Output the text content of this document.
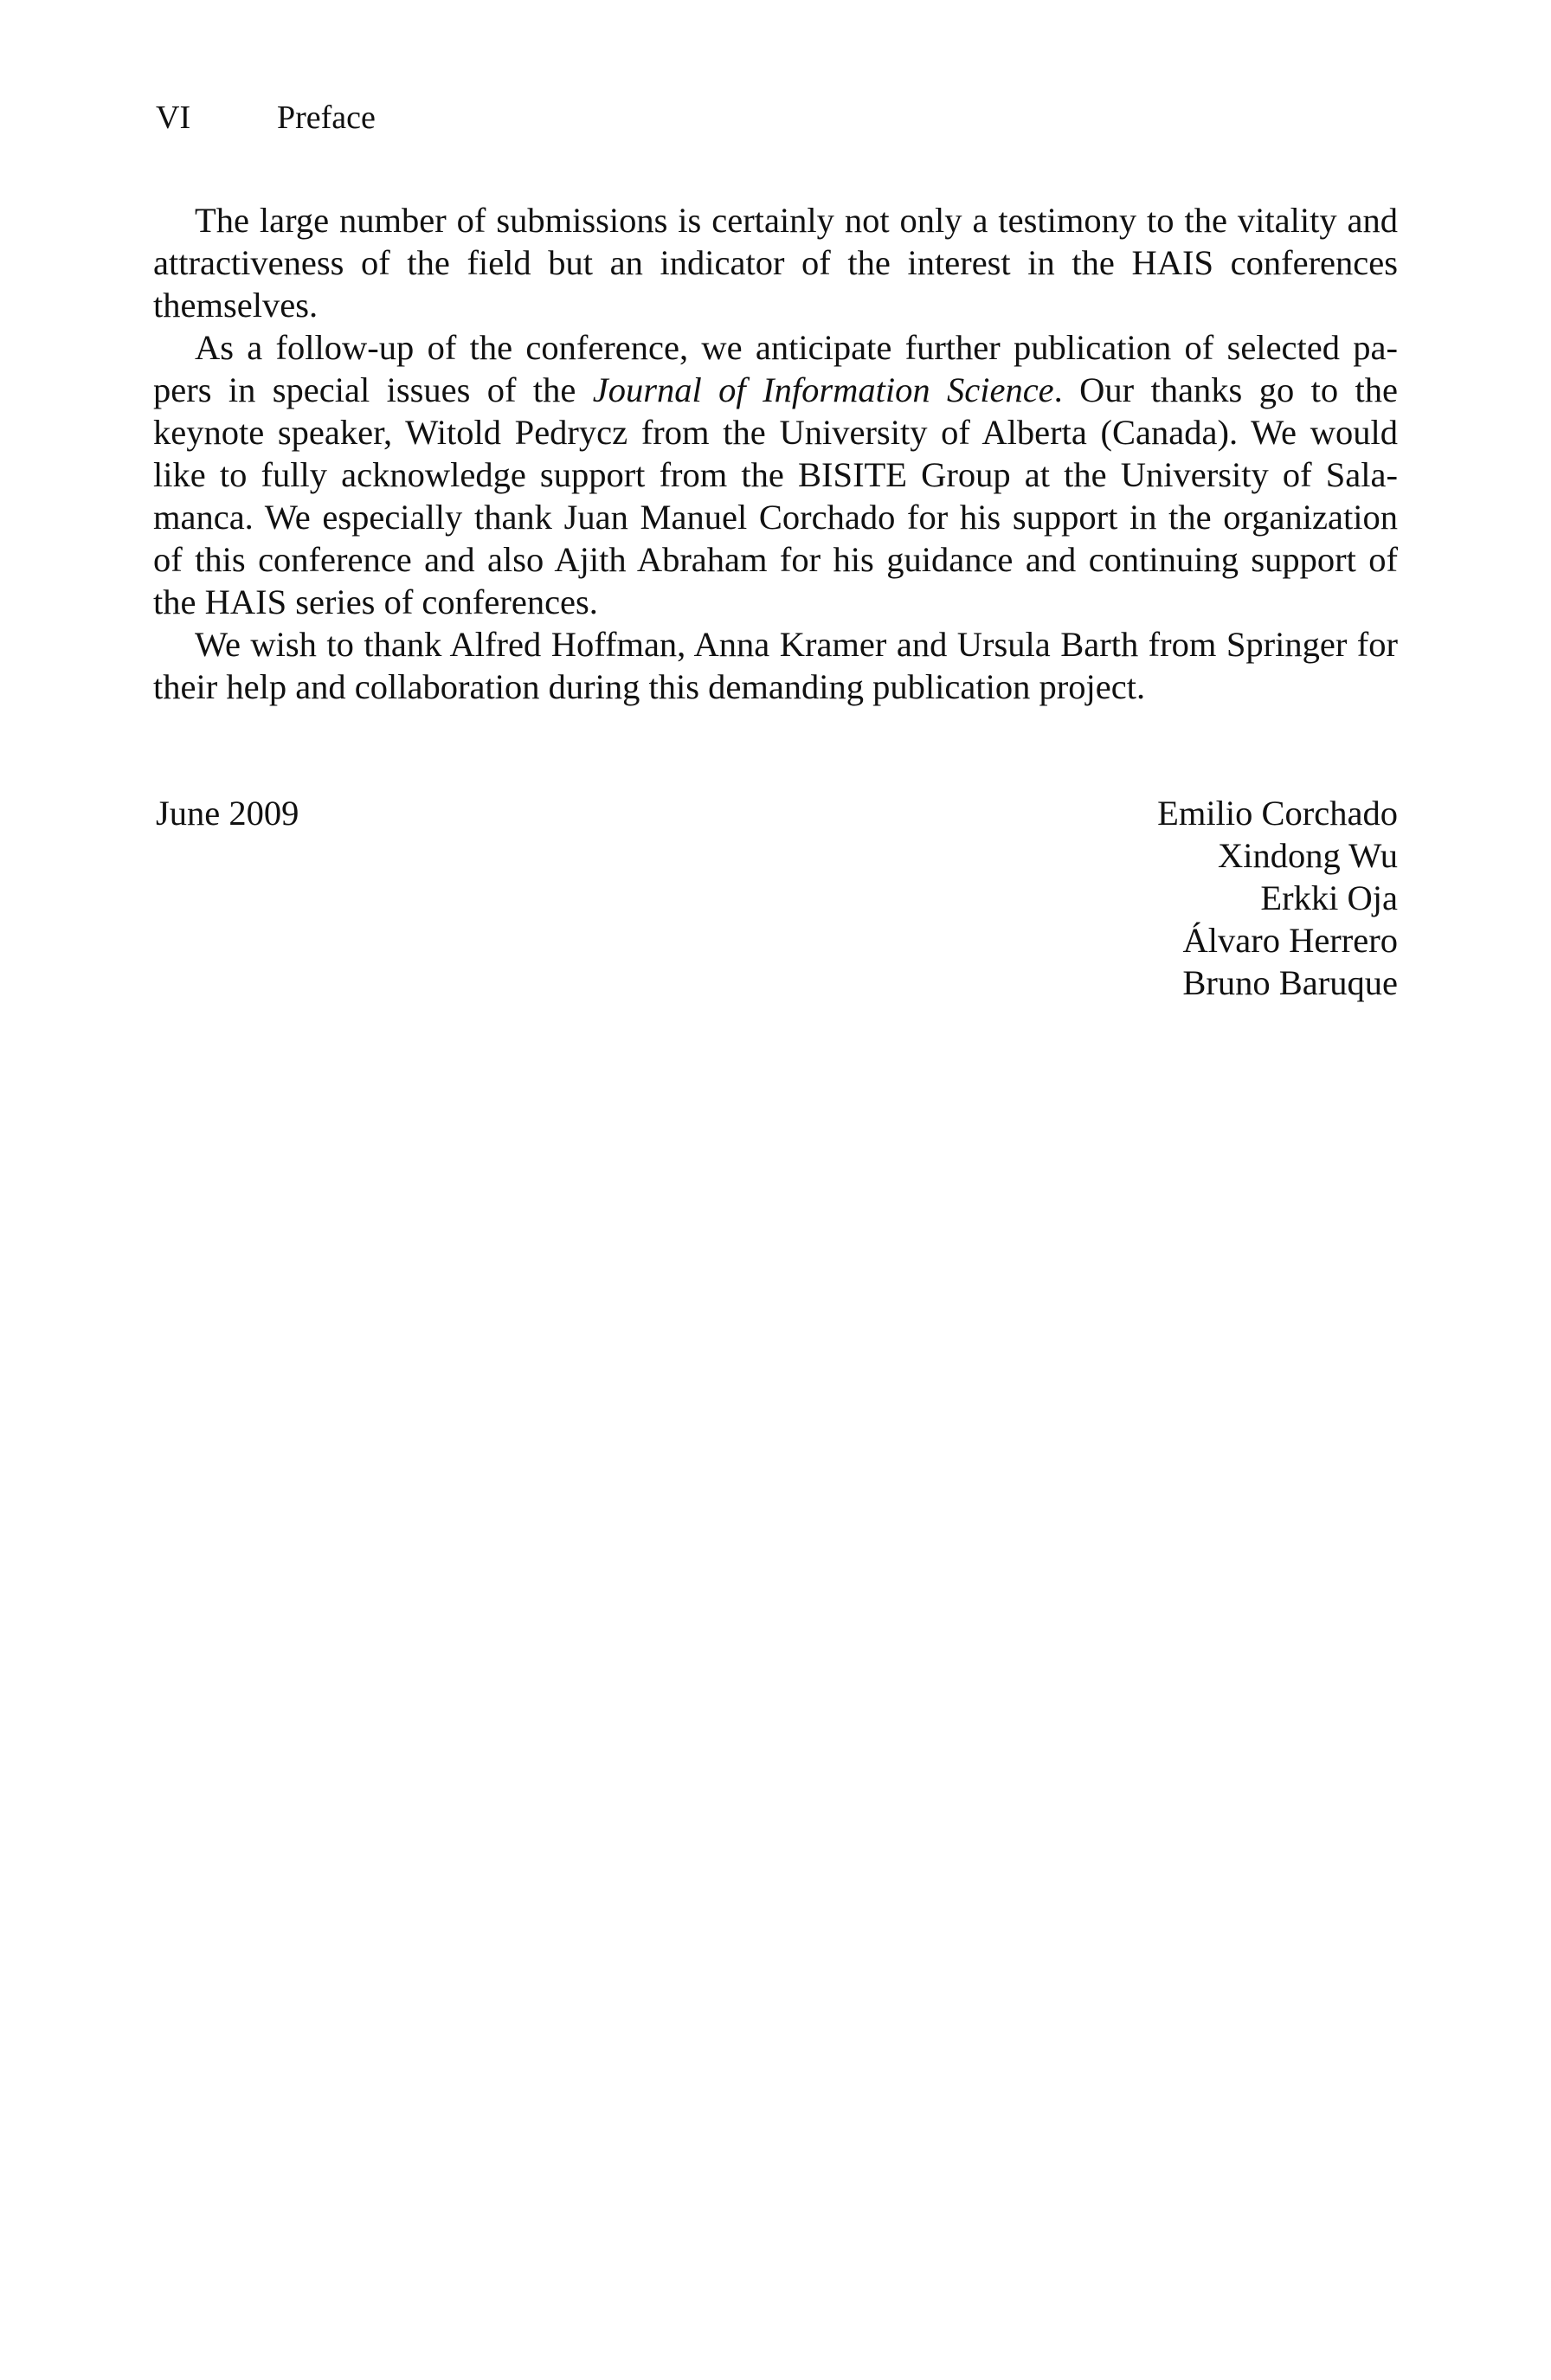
VI	Preface

The large number of submissions is certainly not only a testimony to the vitality and attractiveness of the field but an indicator of the interest in the HAIS conferences themselves.

As a follow-up of the conference, we anticipate further publication of selected pa-pers in special issues of the Journal of Information Science. Our thanks go to the keynote speaker, Witold Pedrycz from the University of Alberta (Canada). We would like to fully acknowledge support from the BISITE Group at the University of Sala-manca. We especially thank Juan Manuel Corchado for his support in the organization of this conference and also Ajith Abraham for his guidance and continuing support of the HAIS series of conferences.

We wish to thank Alfred Hoffman, Anna Kramer and Ursula Barth from Springer for their help and collaboration during this demanding publication project.

June 2009	Emilio Corchado
Xindong Wu
Erkki Oja
Álvaro Herrero
Bruno Baruque
